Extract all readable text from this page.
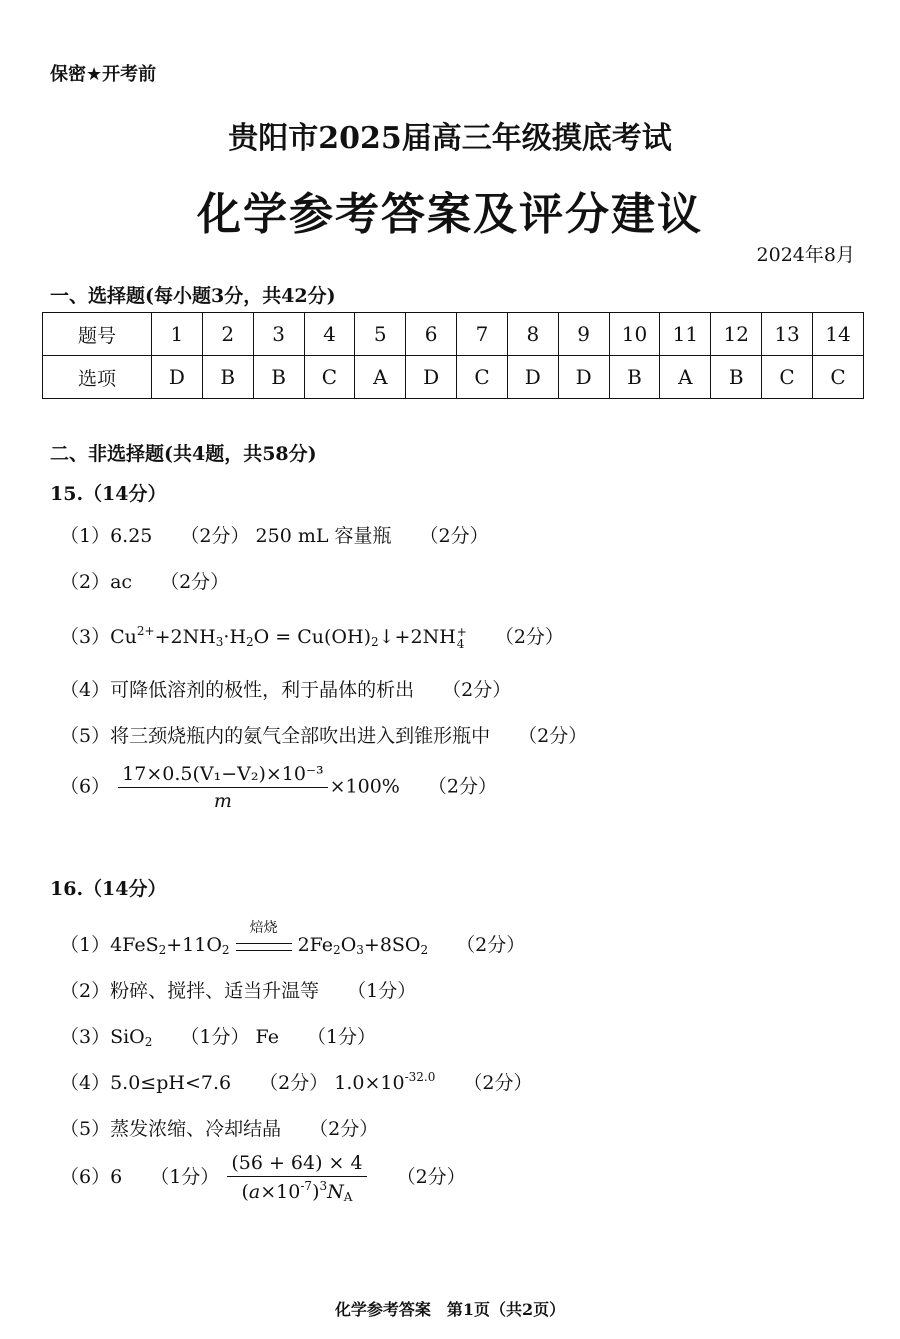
保密★开考前
贵阳市2025届高三年级摸底考试
化学参考答案及评分建议
2024年8月
一、选择题(每小题3分，共42分)
题号	1	2	3	4	5	6	7	8	9	10	11	12	13	14
选项	D	B	B	C	A	D	C	D	D	B	A	B	C	C
二、非选择题(共4题，共58分)
15.（14分）
（1）6.25 （2分） 250 mL 容量瓶 （2分）
（2）ac （2分）
$(3)Cu^{2+}+2NH_3\cdot H_2O$ = $Cu(OH)_2↓+2NH$ +
4 （2分）
（4）可降低溶剂的极性，利于晶体的析出 （2分）
（5）将三颈烧瓶内的氨气全部吹出进入到锥形瓶中 （2分）
$(6) \frac{\text{17×0.5(V₁−V₂)×10⁻³}}{m} \times 100\%$ （2分）
16.（14分）
$(1)4FeS_2+11O_2$
焙烧
$2Fe_2O_3+8SO_2$ （2分）
（2）粉碎、搅拌、适当升温等 （1分）
（3）SiO$_2$ （1分） Fe （1分）
（4）5.0≤pH<7.6 （2分） $1.0\times 10^{-32.0}$ （2分）
（5）蒸发浓缩、冷却结晶 （2分）
（6）6 （1分） $\frac{(56 + 64) \times 4}{(a\times 10^{-7})^3N_A} (2$分）
化学参考答案　第1页（共2页）
